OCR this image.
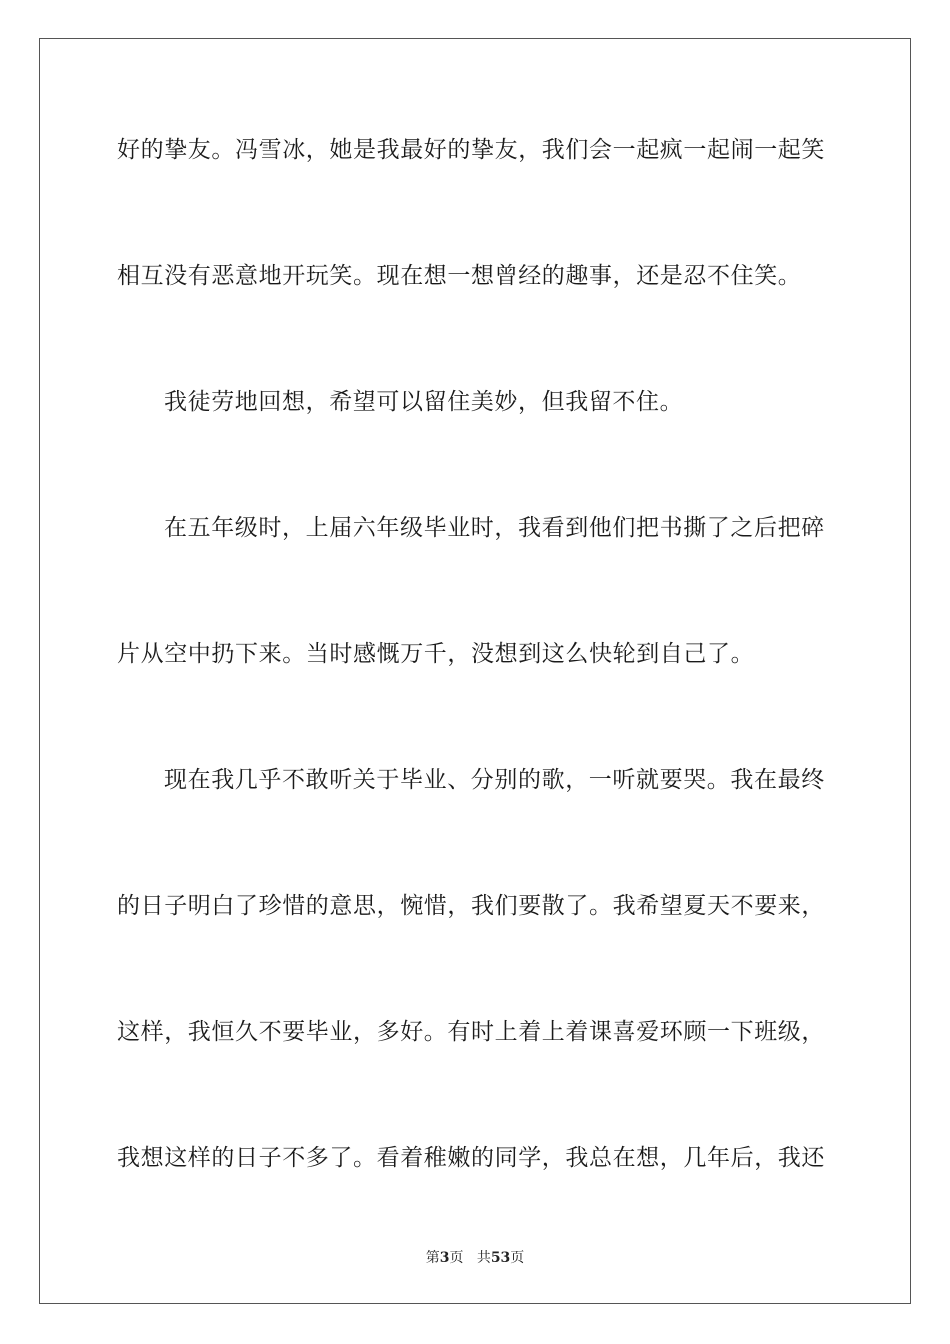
好的挚友。冯雪冰，她是我最好的挚友，我们会一起疯一起闹一起笑
相互没有恶意地开玩笑。现在想一想曾经的趣事，还是忍不住笑。
我徒劳地回想，希望可以留住美妙，但我留不住。
在五年级时，上届六年级毕业时，我看到他们把书撕了之后把碎
片从空中扔下来。当时感慨万千，没想到这么快轮到自己了。
现在我几乎不敢听关于毕业、分别的歌，一听就要哭。我在最终
的日子明白了珍惜的意思，惋惜，我们要散了。我希望夏天不要来，
这样，我恒久不要毕业，多好。有时上着上着课喜爱环顾一下班级，
我想这样的日子不多了。看着稚嫩的同学，我总在想，几年后，我还
第3页 共53页
